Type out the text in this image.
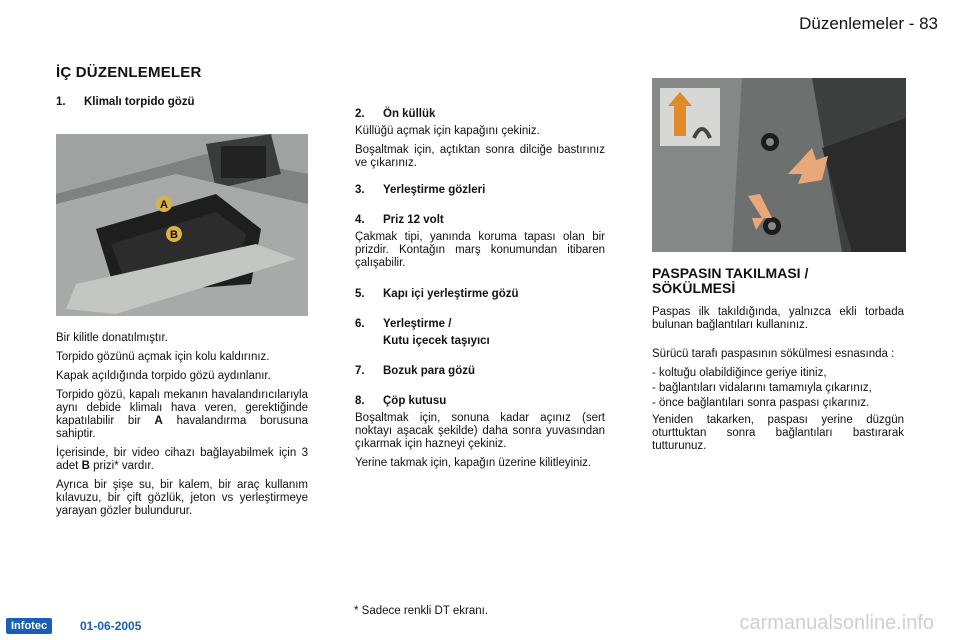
Düzenlemeler - 83
İÇ DÜZENLEMELER
1. Klimalı torpido gözü
A
B

Bir kilitle donatılmıştır.

Torpido gözünü açmak için kolu kaldırınız.

Kapak açıldığında torpido gözü aydınlanır.

Torpido gözü, kapalı mekanın havalandırıcılarıyla aynı debide klimalı hava veren, gerektiğinde kapatılabilir bir A havalandırma borusuna sahiptir.

İçerisinde, bir video cihazı bağlayabilmek için 3 adet B prizi* vardır.

Ayrıca bir şişe su, bir kalem, bir araç kullanım kılavuzu, bir çift gözlük, jeton vs yerleştirmeye yarayan gözler bulundurur.

2. Ön küllük

Küllüğü açmak için kapağını çekiniz.

Boşaltmak için, açtıktan sonra dilciğe bastırınız ve çıkarınız.

3. Yerleştirme gözleri
4. Priz 12 volt

Çakmak tipi, yanında koruma tapası olan bir prizdir. Kontağın marş konumundan itibaren çalışabilir.

5. Kapı içi yerleştirme gözü
6. Yerleştirme /
Kutu içecek taşıyıcı
7. Bozuk para gözü
8. Çöp kutusu

Boşaltmak için, sonuna kadar açınız (sert noktayı aşacak şekilde) daha sonra yuvasından çıkarmak için hazneyi çekiniz.

Yerine takmak için, kapağın üzerine kilitleyiniz.

PASPASIN TAKILMASI /
SÖKÜLMESİ

Paspas ilk takıldığında, yalnızca ekli torbada bulunan bağlantıları kullanınız.

Sürücü tarafı paspasının sökülmesi esnasında :

- koltuğu olabildiğince geriye itiniz,
- bağlantıları vidalarını tamamıyla çıkarınız,
- önce bağlantıları sonra paspası çıkarınız.

Yeniden takarken, paspası yerine düzgün oturttuktan sonra bağlantıları bastırarak tutturunuz.

* Sadece renkli DT ekranı.
Infotec	01-06-2005	carmanualsonline.info
